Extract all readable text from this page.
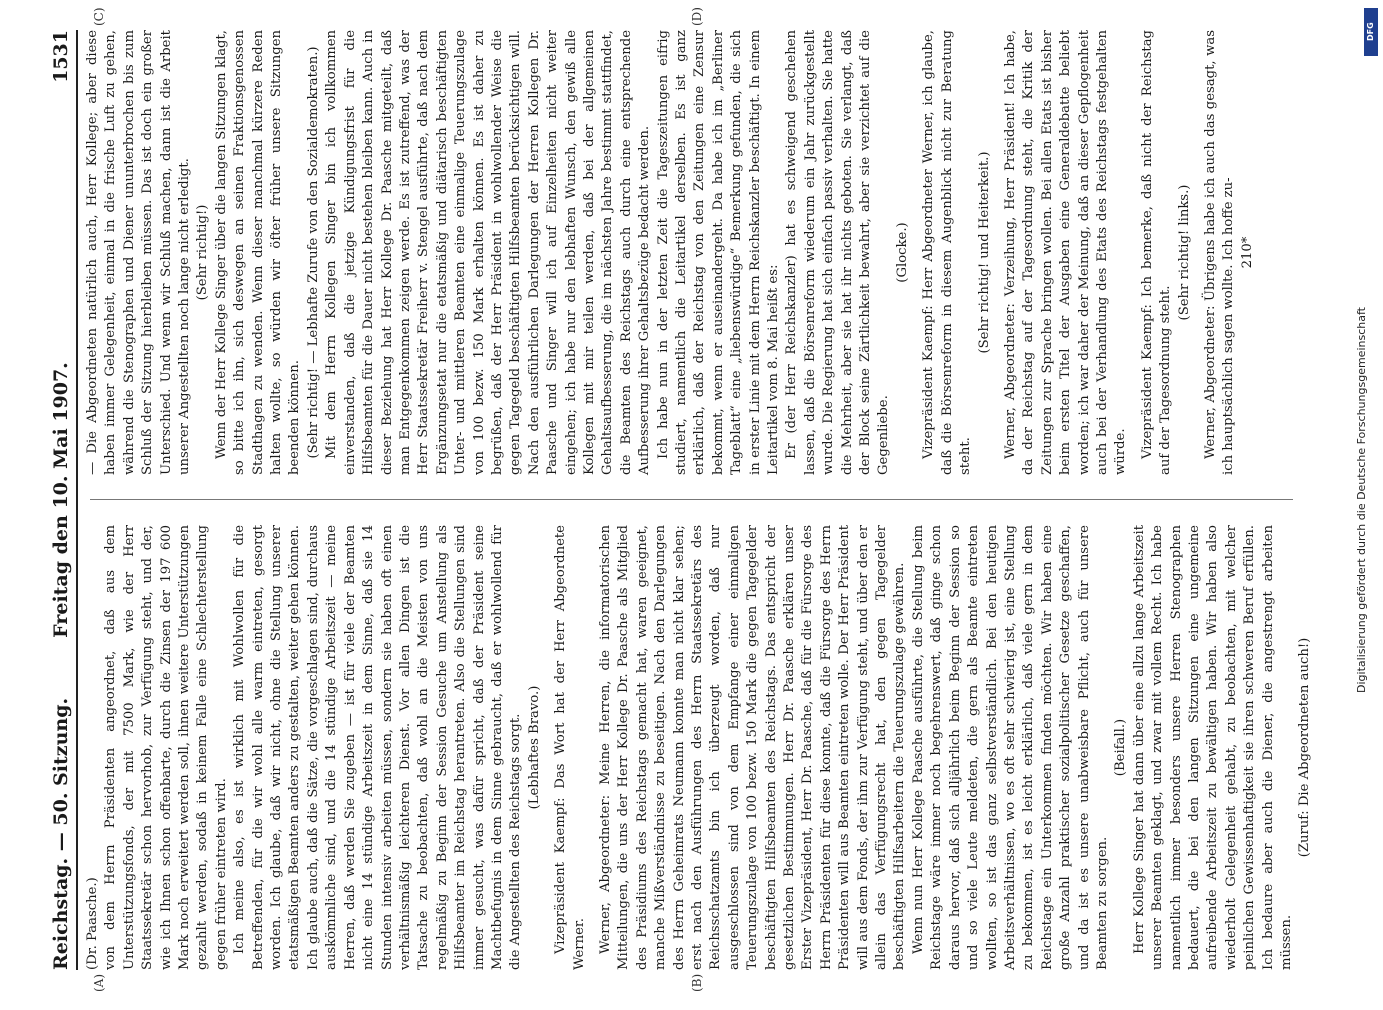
Reichstag. — 50. Sitzung.
Freitag den 10. Mai 1907.
1531
(A)	(B)
(C)	(D)

(Dr. Paasche.) von dem Herrn Präsidenten angeordnet, daß aus dem Unterstützungsfonds, der mit 7500 Mark, wie der Herr Staatssekretär schon hervorhob, zur Verfügung steht, und der, wie ich Ihnen schon offenbarte, durch die Zinsen der 197 600 Mark noch erweitert werden soll, ihnen weitere Unterstützungen gezahlt werden, sodaß in keinem Falle eine Schlechterstellung gegen früher eintreten wird. Ich meine also, es ist wirklich mit Wohlwollen für die Betreffenden, für die wir wohl alle warm eintreten, gesorgt worden. Ich glaube, daß wir nicht, ohne die Stellung unserer etatsmäßigen Beamten anders zu gestalten, weiter gehen können. Ich glaube auch, daß die Sätze, die vorgeschlagen sind, durchaus auskömmliche sind, und die 14 stündige Arbeitszeit — meine Herren, daß werden Sie zugeben — ist für viele der Beamten nicht eine 14 stündige Arbeitszeit in dem Sinne, daß sie 14 Stunden intensiv arbeiten müssen, sondern sie haben oft einen verhältnismäßig leichteren Dienst. Vor allen Dingen ist die Tatsache zu beobachten, daß wohl an die Meisten von uns regelmäßig zu Beginn der Session Gesuche um Anstellung als Hilfsbeamter im Reichstag herantreten. Also die Stellungen sind immer gesucht, was dafür spricht, daß der Präsident seine Machtbefugnis in dem Sinne gebraucht, daß er wohlwollend für die Angestellten des Reichstags sorgt. (Lebhaftes Bravo.) Vizepräsident Kaempf: Das Wort hat der Herr Abgeordnete Werner. Werner, Abgeordneter: Meine Herren, die informatorischen Mitteilungen, die uns der Herr Kollege Dr. Paasche als Mitglied des Präsidiums des Reichstags gemacht hat, waren geeignet, manche Mißverständnisse zu beseitigen. Nach den Darlegungen des Herrn Geheimrats Neumann konnte man nicht klar sehen; erst nach den Ausführungen des Herrn Staatssekretärs des Reichsschatzamts bin ich überzeugt worden, daß nur ausgeschlossen sind von dem Empfange einer einmaligen Teuerungszulage von 100 bezw. 150 Mark die gegen Tagegelder beschäftigten Hilfsbeamten des Reichstags. Das entspricht der gesetzlichen Bestimmungen. Herr Dr. Paasche erklären unser Erster Vizepräsident, Herr Dr. Paasche, daß für die Fürsorge des Herrn Präsidenten für diese konnte, daß die Fürsorge des Herrn Präsidenten will aus Beamten eintreten wolle. Der Herr Präsident will aus dem Fonds, der ihm zur Verfügung steht, und über den er allein das Verfügungsrecht hat, den gegen Tagegelder beschäftigten Hilfsarbeitern die Teuerungszulage gewähren. Wenn nun Herr Kollege Paasche ausführte, die Stellung beim Reichstage wäre immer noch begehrenswert, daß ginge schon daraus hervor, daß sich alljährlich beim Beginn der Session so und so viele Leute meldeten, die gern als Beamte eintreten wollten, so ist das ganz selbstverständlich. Bei den heutigen Arbeitsverhältnissen, wo es oft sehr schwierig ist, eine Stellung zu bekommen, ist es leicht erklärlich, daß viele gern in dem Reichstage ein Unterkommen finden möchten. Wir haben eine große Anzahl praktischer sozialpolitischer Gesetze geschaffen, und da ist es unsere unabweisbare Pflicht, auch für unsere Beamten zu sorgen.

(Beifall.) Herr Kollege Singer hat dann über eine allzu lange Arbeitszeit unserer Beamten geklagt, und zwar mit vollem Recht. Ich habe namentlich immer besonders unsere Herren Stenographen bedauert, die bei den langen Sitzungen eine ungemeine aufreibende Arbeitszeit zu bewältigen haben. Wir haben also wiederholt Gelegenheit gehabt, zu beobachten, mit welcher peinlichen Gewissenhaftigkeit sie ihren schweren Beruf erfüllen. Ich bedaure aber auch die Diener, die angestrengt arbeiten müssen.

(Zuruf: Die Abgeordneten auch!)

— Die Abgeordneten natürlich auch, Herr Kollege; aber diese haben immer Gelegenheit, einmal in die frische Luft zu gehen, während die Stenographen und Diener ununterbrochen bis zum Schluß der Sitzung hierbleiben müssen. Das ist doch ein großer Unterschied. Und wenn wir Schluß machen, dann ist die Arbeit unserer Angestellten noch lange nicht erledigt. (Sehr richtig!) Wenn der Herr Kollege Singer über die langen Sitzungen klagt, so bitte ich ihn, sich deswegen an seinen Fraktionsgenossen Stadthagen zu wenden. Wenn dieser manchmal kürzere Reden halten wollte, so würden wir öfter früher unsere Sitzungen beenden können. (Sehr richtig! — Lebhafte Zurufe von den Sozialdemokraten.) Mit dem Herrn Kollegen Singer bin ich vollkommen einverstanden, daß die jetzige Kündigungsfrist für die Hilfsbeamten für die Dauer nicht bestehen bleiben kann. Auch in dieser Beziehung hat Herr Kollege Dr. Paasche mitgeteilt, daß man Entgegenkommen zeigen werde. Es ist zutreffend, was der Herr Staatssekretär Freiherr v. Stengel ausführte, daß nach dem Ergänzungsetat nur die etatsmäßig und diätarisch beschäftigten Unter- und mittleren Beamten eine einmalige Teuerungszulage von 100 bezw. 150 Mark erhalten können. Es ist daher zu begrüßen, daß der Herr Präsident in wohlwollender Weise die gegen Tagegeld beschäftigten Hilfsbeamten berücksichtigen will. Nach den ausführlichen Darlegungen der Herren Kollegen Dr. Paasche und Singer will ich auf Einzelheiten nicht weiter eingehen; ich habe nur den lebhaften Wunsch, den gewiß alle Kollegen mit mir teilen werden, daß bei der allgemeinen Gehaltsaufbesserung, die im nächsten Jahre bestimmt stattfindet, die Beamten des Reichstags auch durch eine entsprechende Aufbesserung ihrer Gehaltsbezüge bedacht werden. Ich habe nun in der letzten Zeit die Tageszeitungen eifrig studiert, namentlich die Leitartikel derselben. Es ist ganz erklärlich, daß der Reichstag von den Zeitungen eine Zensur bekommt, wenn er auseinandergeht. Da habe ich im „Berliner Tageblatt“ eine „liebenswürdige“ Bemerkung gefunden, die sich in erster Linie mit dem Herrn Reichskanzler beschäftigt. In einem Leitartikel vom 8. Mai heißt es: Er (der Herr Reichskanzler) hat es schweigend geschehen lassen, daß die Börsenreform wiederum ein Jahr zurückgestellt wurde. Die Regierung hat sich einfach passiv verhalten. Sie hatte die Mehrheit, aber sie hat ihr nichts geboten. Sie verlangt, daß der Block seine Zärtlichkeit bewahrt, aber sie verzichtet auf die Gegenliebe.

(Glocke.) Vizepräsident Kaempf: Herr Abgeordneter Werner, ich glaube, daß die Börsenreform in diesem Augenblick nicht zur Beratung steht.

(Sehr richtig! und Heiterkeit.) Werner, Abgeordneter: Verzeihung, Herr Präsident! Ich habe, da der Reichstag auf der Tagesordnung steht, die Kritik der Zeitungen zur Sprache bringen wollen. Bei allen Etats ist bisher beim ersten Titel der Ausgaben eine Generaldebatte beliebt worden; ich war daher der Meinung, daß an dieser Gepflogenheit auch bei der Verhandlung des Etats des Reichstags festgehalten würde. Vizepräsident Kaempf: Ich bemerke, daß nicht der Reichstag auf der Tagesordnung steht.

(Sehr richtig! links.) Werner, Abgeordneter: Übrigens habe ich auch das gesagt, was ich hauptsächlich sagen wollte. Ich hoffe zu- 210*

Digitalisierung gefördert durch die Deutsche Forschungsgemeinschaft
DFG
